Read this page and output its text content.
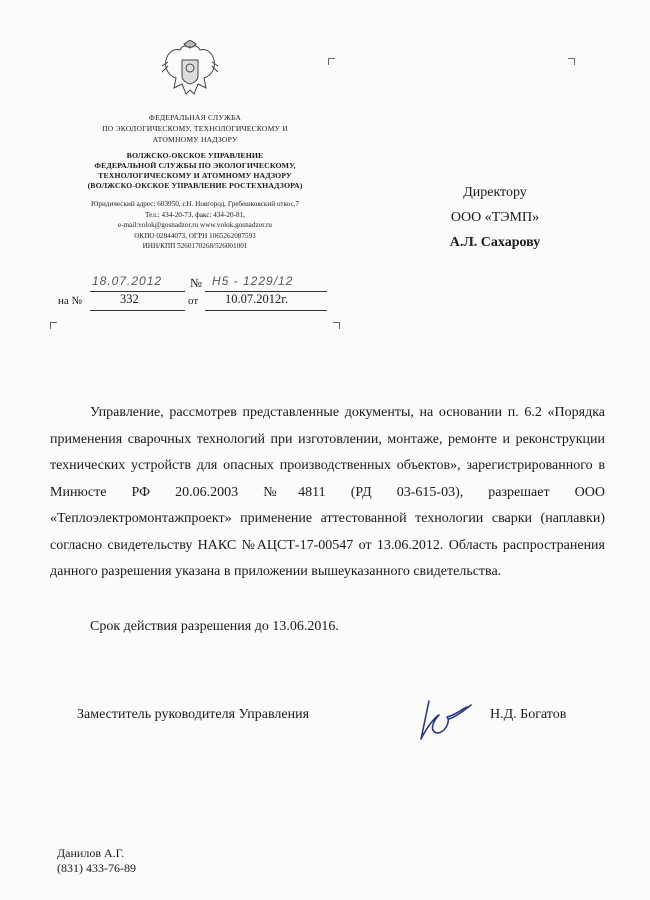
ФЕДЕРАЛЬНАЯ СЛУЖБА
ПО ЭКОЛОГИЧЕСКОМУ, ТЕХНОЛОГИЧЕСКОМУ И
АТОМНОМУ НАДЗОРУ
ВОЛЖСКО-ОКСКОЕ УПРАВЛЕНИЕ
ФЕДЕРАЛЬНОЙ СЛУЖБЫ ПО ЭКОЛОГИЧЕСКОМУ,
ТЕХНОЛОГИЧЕСКОМУ И АТОМНОМУ НАДЗОРУ
(ВОЛЖСКО-ОКСКОЕ УПРАВЛЕНИЕ РОСТЕХНАДЗОРА)
Юридический адрес: 603950, г.Н. Новгород, Гребешковский откос,7
Тел.: 434-20-73, факс: 434-20-81,
e-mail:volok@gosnadzor.ru www.volok.gosnadzor.ru
ОКПО 02844073, ОГРН 1065262087593
ИНН/КПП 5260170268/526001001
18.07.2012 № Н5 - 1229/12
на №	332	от 10.07.2012г.
Директору
ООО «ТЭМП»
А.Л. Сахарову

Управление, рассмотрев представленные документы, на основании п. 6.2 «Порядка применения сварочных технологий при изготовлении, монтаже, ремонте и реконструкции технических устройств для опасных производственных объектов», зарегистрированного в Минюсте РФ 20.06.2003 №4811 (РД 03-615-03), разрешает ООО «Теплоэлектромонтажпроект» применение аттестованной технологии сварки (наплавки) согласно свидетельству НАКС №АЦСТ-17-00547 от 13.06.2012. Область распространения данного разрешения указана в приложении вышеуказанного свидетельства.

Срок действия разрешения до 13.06.2016.
Заместитель руководителя Управления	Н.Д. Богатов
Данилов А.Г.
(831) 433-76-89
